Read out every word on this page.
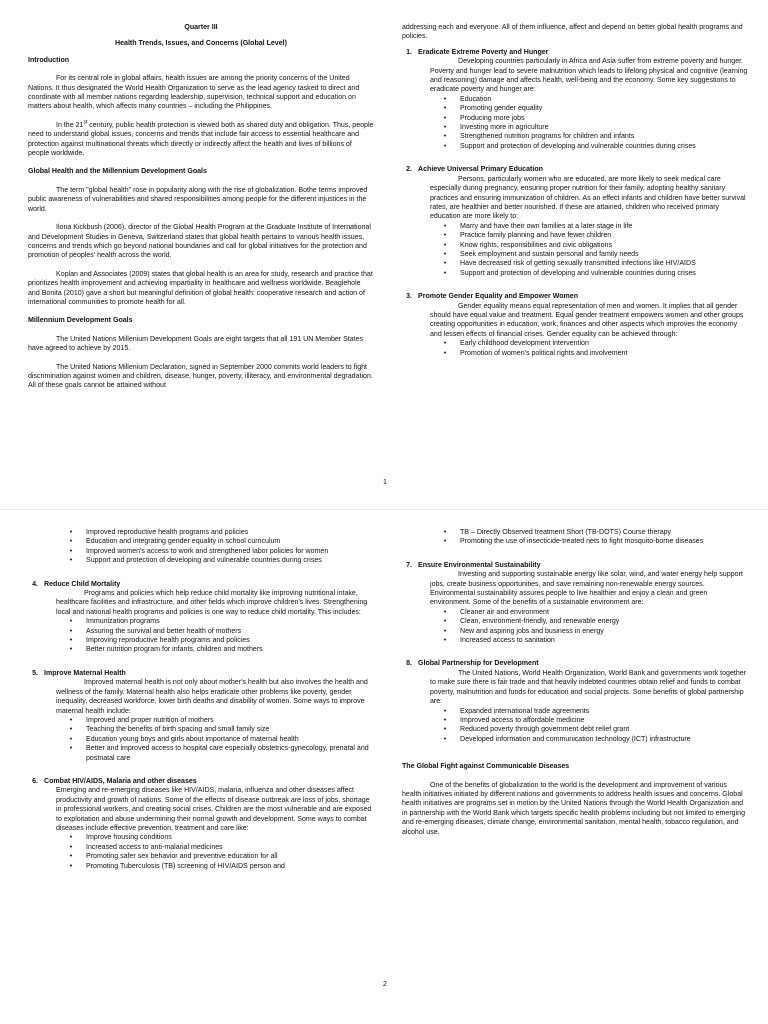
Quarter III

Health Trends, Issues, and Concerns (Global Level)

Introduction

For its central role in global affairs, health issues are among the priority concerns of the United Nations. It thus designated the World Health Organization to serve as the lead agency tasked to direct and coordinate with all member nations regarding leadership, supervision, technical support and education on matters about health, which affects many countries – including the Philippines.

In the 21st century, public health protection is viewed both as shared duty and obligation. Thus, people need to understand global issues, concerns and trends that include fair access to essential healthcare and protection against multinational threats which directly or indirectly affect the health and lives of billions of people worldwide.

Global Health and the Millennium Development Goals

The term "global health" rose in popularity along with the rise of globalization. Bothe terms improved public awareness of vulnerabilities and shared responsibilities among people for the different injustices in the world.

Ilona Kickbush (2006), director of the Global Health Program at the Graduate Institute of International and Development Studies in Geneva, Switzerland states that global health pertains to various health issues, concerns and trends which go beyond national boundaries and call for global initiatives for the protection and promotion of peoples' health across the world.

Koplan and Associates (2009) states that global health is an area for study, research and practice that prioritizes health improvement and achieving impartiality in healthcare and wellness worldwide. Beaglehole and Bonita (2010) gave a short but meaningful definition of global health: cooperative research and action of international communities to promote health for all.

Millennium Development Goals

The United Nations Millenium Development Goals are eight targets that all 191 UN Member States have agreed to achieve by 2015.

The United Nations Millenium Declaration, signed in September 2000 commits world leaders to fight discrimination against women and children, disease, hunger, poverty, illiteracy, and environmental degradation. All of these goals cannot be attained without

addressing each and everyone. All of them influence, affect and depend on better global health programs and policies.

1. Eradicate Extreme Poverty and Hunger

Developing countries particularly in Africa and Asia suffer from extreme poverty and hunger. Poverty and hunger lead to severe malnutrition which leads to lifelong physical and cognitive (learning and reasoning) damage and affects health, well-being and the economy. Some key suggestions to eradicate poverty and hunger are:

• Education
• Promoting gender equality
• Producing more jobs
• Investing more in agriculture
• Strengthened nutrition programs for children and infants
• Support and protection of developing and vulnerable countries during crises

2. Achieve Universal Primary Education

Persons, particularly women who are educated, are more likely to seek medical care especially during pregnancy, ensuring proper nutrition for their family, adopting healthy sanitary practices and ensuring immunization of children. As an effect infants and children have better survival rates, are healthier and better nourished. If these are attained, children who received primary education are more likely to:

• Marry and have their own families at a later stage in life
• Practice family planning and have fewer children
• Know rights, responsibilities and civic obligations
• Seek employment and sustain personal and family needs
• Have decreased risk of getting sexually transmitted infections like HIV/AIDS
• Support and protection of developing and vulnerable countries during crises

3. Promote Gender Equality and Empower Women

Gender equality means equal representation of men and women. It implies that all gender should have equal value and treatment. Equal gender treatment empowers women and other groups creating opportunities in education, work, finances and other aspects which improves the economy and lessen effects of financial crises. Gender equality can be achieved through:

• Early childhood development intervention
• Promotion of women's political rights and involvement
1
• Improved reproductive health programs and policies
• Education and integrating gender equality in school curriculum
• Improved women's access to work and strengthened labor policies for women
• Support and protection of developing and vulnerable countries during crises

4. Reduce Child Mortality

Programs and policies which help reduce child mortality like improving nutritional intake, healthcare facilities and infrastructure, and other fields which improve children's lives. Strengthening local and national health programs and policies is one way to reduce child mortality. This includes:

• Immunization programs
• Assuring the survival and better health of mothers
• Improving reproductive health programs and policies
• Better nutrition program for infants, children and mothers

5. Improve Maternal Health

Improved maternal health is not only about mother's health but also involves the health and wellness of the family. Maternal health also helps eradicate other problems like poverty, gender inequality, decreased workforce, lower birth deaths and disability of women. Some ways to improve maternal health include:

• Improved and proper nutrition of mothers
• Teaching the benefits of birth spacing and small family size
• Education young boys and girls about importance of maternal health
• Better and improved access to hospital care especially obstetrics-gynecology, prenatal and postnatal care

6. Combat HIV/AIDS, Malaria and other diseases

Emerging and re-emerging diseases like HIV/AIDS, malaria, influenza and other diseases affect productivity and growth of nations. Some of the effects of disease outbreak are loss of jobs, shortage in professional workers, and creating social crises. Children are the most vulnerable and are exposed to exploitation and abuse undermining their normal growth and development. Some ways to combat diseases include effective prevention, treatment and care like:

• Improve housing conditions
• Increased access to anti-malarial medicines
• Promoting safer sex behavior and preventive education for all
• Promoting Tuberculosis (TB) screening of HIV/AIDS person and
• TB – Directly Observed treatment Short (TB-DOTS) Course therapy
• Promoting the use of insecticide-treated nets to fight mosquito-borne diseases

7. Ensure Environmental Sustainability

Investing and supporting sustainable energy like solar, wind, and water energy help support jobs, create business opportunities, and save remaining non-renewable energy sources. Environmental sustainability assures people to live healthier and enjoy a clean and green environment. Some of the benefits of a sustainable environment are:

• Cleaner air and environment
• Clean, environment-friendly, and renewable energy
• New and aspiring jobs and business in energy
• Increased access to sanitation

8. Global Partnership for Development

The United Nations, World Health Organization, World Bank and governments work together to make sure there is fair trade and that heavily indebted countries obtain relief and funds to combat poverty, malnutrition and funds for education and social projects. Some benefits of global partnership are:

• Expanded international trade agreements
• Improved access to affordable medicine
• Reduced poverty through government debt relief grant
• Developed information and communication technology (ICT) infrastructure

The Global Fight against Communicable Diseases

One of the benefits of globalization to the world is the development and improvement of various health initiatives initiated by different nations and governments to address health issues and concerns. Global health initiatives are programs set in motion by the United Nations through the World Health Organization and in partnership with the World Bank which targets specific health problems including but not limited to emerging and re-emerging diseases, climate change, environmental sanitation, mental health, tobacco regulation, and alcohol use.

2
